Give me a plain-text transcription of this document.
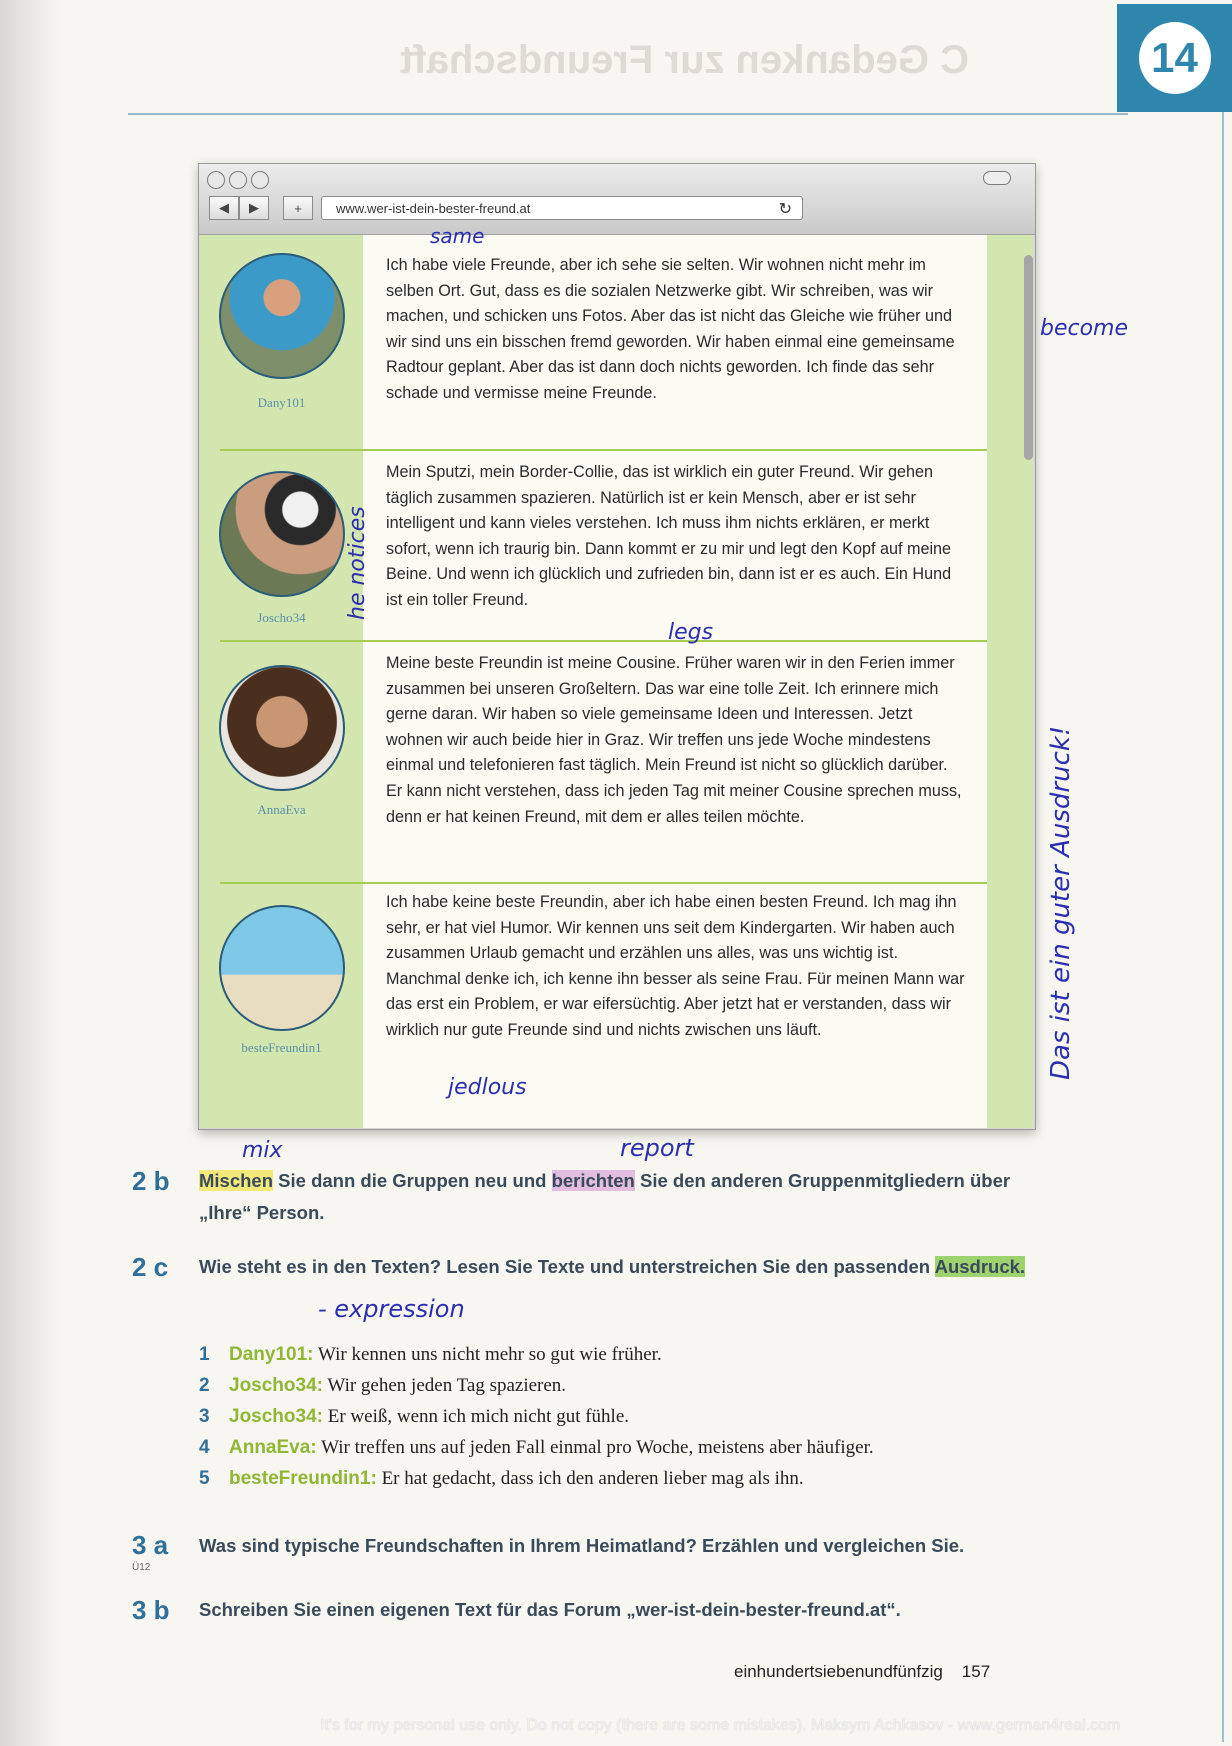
C Gedanken zur Freundschaft	14
◀	▶	+	www.wer-ist-dein-bester-freund.at	↻
Dany101
Ich habe viele Freunde, aber ich sehe sie selten. Wir wohnen nicht mehr im selben Ort. Gut, dass es die sozialen Netzwerke gibt. Wir schreiben, was wir machen, und schicken uns Fotos. Aber das ist nicht das Gleiche wie früher und wir sind uns ein bisschen fremd geworden. Wir haben einmal eine gemeinsame Radtour geplant. Aber das ist dann doch nichts geworden. Ich finde das sehr schade und vermisse meine Freunde.
Joscho34
Mein Sputzi, mein Border-Collie, das ist wirklich ein guter Freund. Wir gehen täglich zusammen spazieren. Natürlich ist er kein Mensch, aber er ist sehr intelligent und kann vieles verstehen. Ich muss ihm nichts erklären, er merkt sofort, wenn ich traurig bin. Dann kommt er zu mir und legt den Kopf auf meine Beine. Und wenn ich glücklich und zufrieden bin, dann ist er es auch. Ein Hund ist ein toller Freund.
AnnaEva
Meine beste Freundin ist meine Cousine. Früher waren wir in den Ferien immer zusammen bei unseren Großeltern. Das war eine tolle Zeit. Ich erinnere mich gerne daran. Wir haben so viele gemeinsame Ideen und Interessen. Jetzt wohnen wir auch beide hier in Graz. Wir treffen uns jede Woche mindestens einmal und telefonieren fast täglich. Mein Freund ist nicht so glücklich darüber. Er kann nicht verstehen, dass ich jeden Tag mit meiner Cousine sprechen muss, denn er hat keinen Freund, mit dem er alles teilen möchte.
besteFreundin1
Ich habe keine beste Freundin, aber ich habe einen besten Freund. Ich mag ihn sehr, er hat viel Humor. Wir kennen uns seit dem Kindergarten. Wir haben auch zusammen Urlaub gemacht und erzählen uns alles, was uns wichtig ist. Manchmal denke ich, ich kenne ihn besser als seine Frau. Für meinen Mann war das erst ein Problem, er war eifersüchtig. Aber jetzt hat er verstanden, dass wir wirklich nur gute Freunde sind und nichts zwischen uns läuft.
2 b Mischen Sie dann die Gruppen neu und berichten Sie den anderen Gruppenmitgliedern über „Ihre“ Person.
2 c Wie steht es in den Texten? Lesen Sie Texte und unterstreichen Sie den passenden Ausdruck.
1 Dany101: Wir kennen uns nicht mehr so gut wie früher.
2 Joscho34: Wir gehen jeden Tag spazieren.
3 Joscho34: Er weiß, wenn ich mich nicht gut fühle.
4 AnnaEva: Wir treffen uns auf jeden Fall einmal pro Woche, meistens aber häufiger.
5 besteFreundin1: Er hat gedacht, dass ich den anderen lieber mag als ihn.
3 a
Ü12
Was sind typische Freundschaften in Ihrem Heimatland? Erzählen und vergleichen Sie.
3 b Schreiben Sie einen eigenen Text für das Forum „wer-ist-dein-bester-freund.at“.
einhundertsiebenundfünfzig 157
It's for my personal use only. Do not copy (there are some mistakes). Maksym Achkasov - www.german4real.com
same
become
he notices
legs
jedlous
mix	report
- expression
Das ist ein guter Ausdruck!
